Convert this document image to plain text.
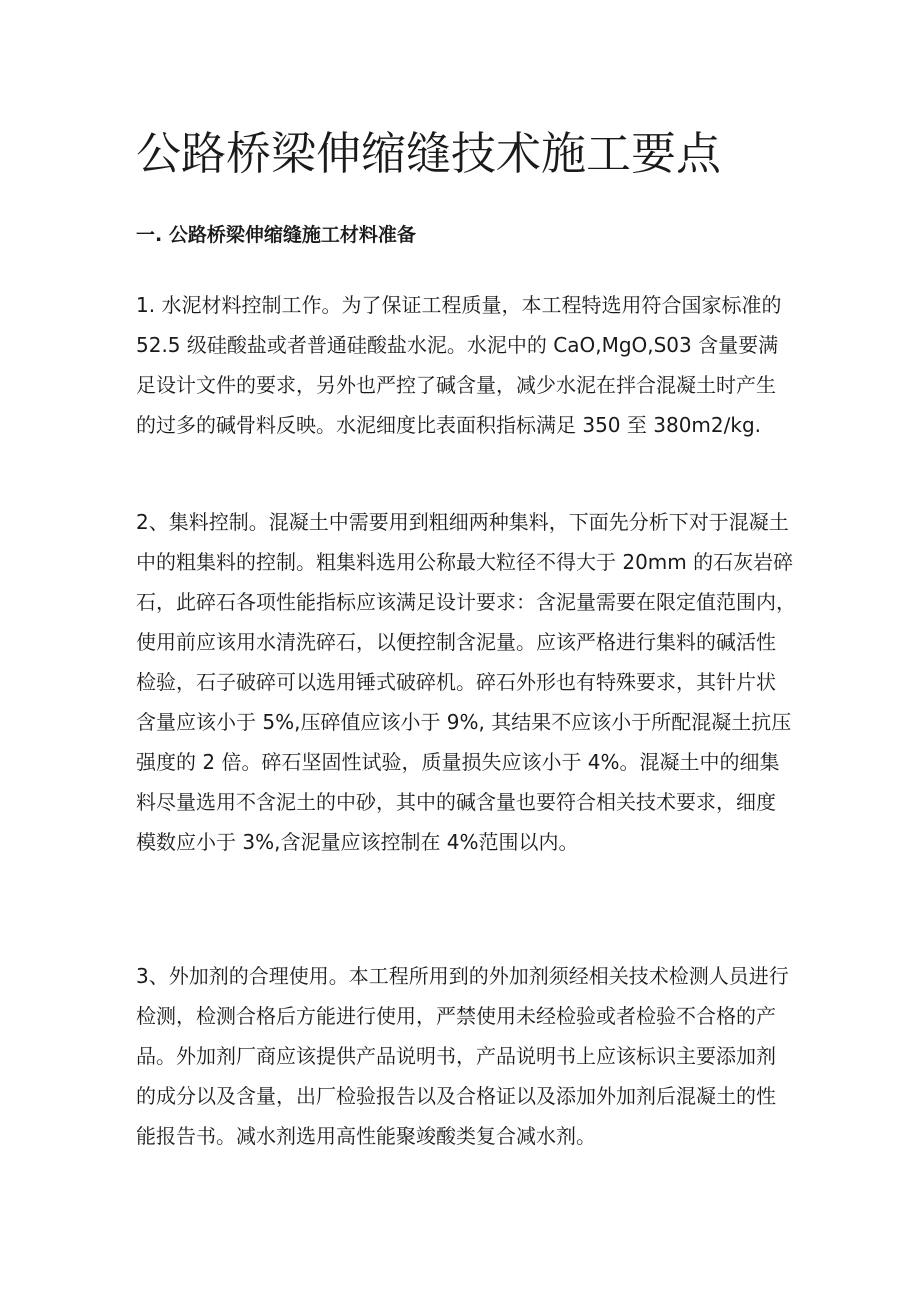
公路桥梁伸缩缝技术施工要点
一. 公路桥梁伸缩缝施工材料准备
1. 水泥材料控制工作。为了保证工程质量，本工程特选用符合国家标准的
52.5 级硅酸盐或者普通硅酸盐水泥。水泥中的 CaO,MgO,S03 含量要满
足设计文件的要求，另外也严控了碱含量，减少水泥在拌合混凝土时产生
的过多的碱骨料反映。水泥细度比表面积指标满足 350 至 380m2∕kg.
2、集料控制。混凝土中需要用到粗细两种集料，下面先分析下对于混凝土
中的粗集料的控制。粗集料选用公称最大粒径不得大于 20mm 的石灰岩碎
石，此碎石各项性能指标应该满足设计要求：含泥量需要在限定值范围内，
使用前应该用水清洗碎石，以便控制含泥量。应该严格进行集料的碱活性
检验，石子破碎可以选用锤式破碎机。碎石外形也有特殊要求，其针片状
含量应该小于 5%,压碎值应该小于 9%, 其结果不应该小于所配混凝土抗压
强度的 2 倍。碎石坚固性试验，质量损失应该小于 4%。混凝土中的细集
料尽量选用不含泥土的中砂，其中的碱含量也要符合相关技术要求，细度
模数应小于 3%,含泥量应该控制在 4%范围以内。
3、外加剂的合理使用。本工程所用到的外加剂须经相关技术检测人员进行
检测，检测合格后方能进行使用，严禁使用未经检验或者检验不合格的产
品。外加剂厂商应该提供产品说明书，产品说明书上应该标识主要添加剂
的成分以及含量，出厂检验报告以及合格证以及添加外加剂后混凝土的性
能报告书。减水剂选用高性能聚竣酸类复合减水剂。
